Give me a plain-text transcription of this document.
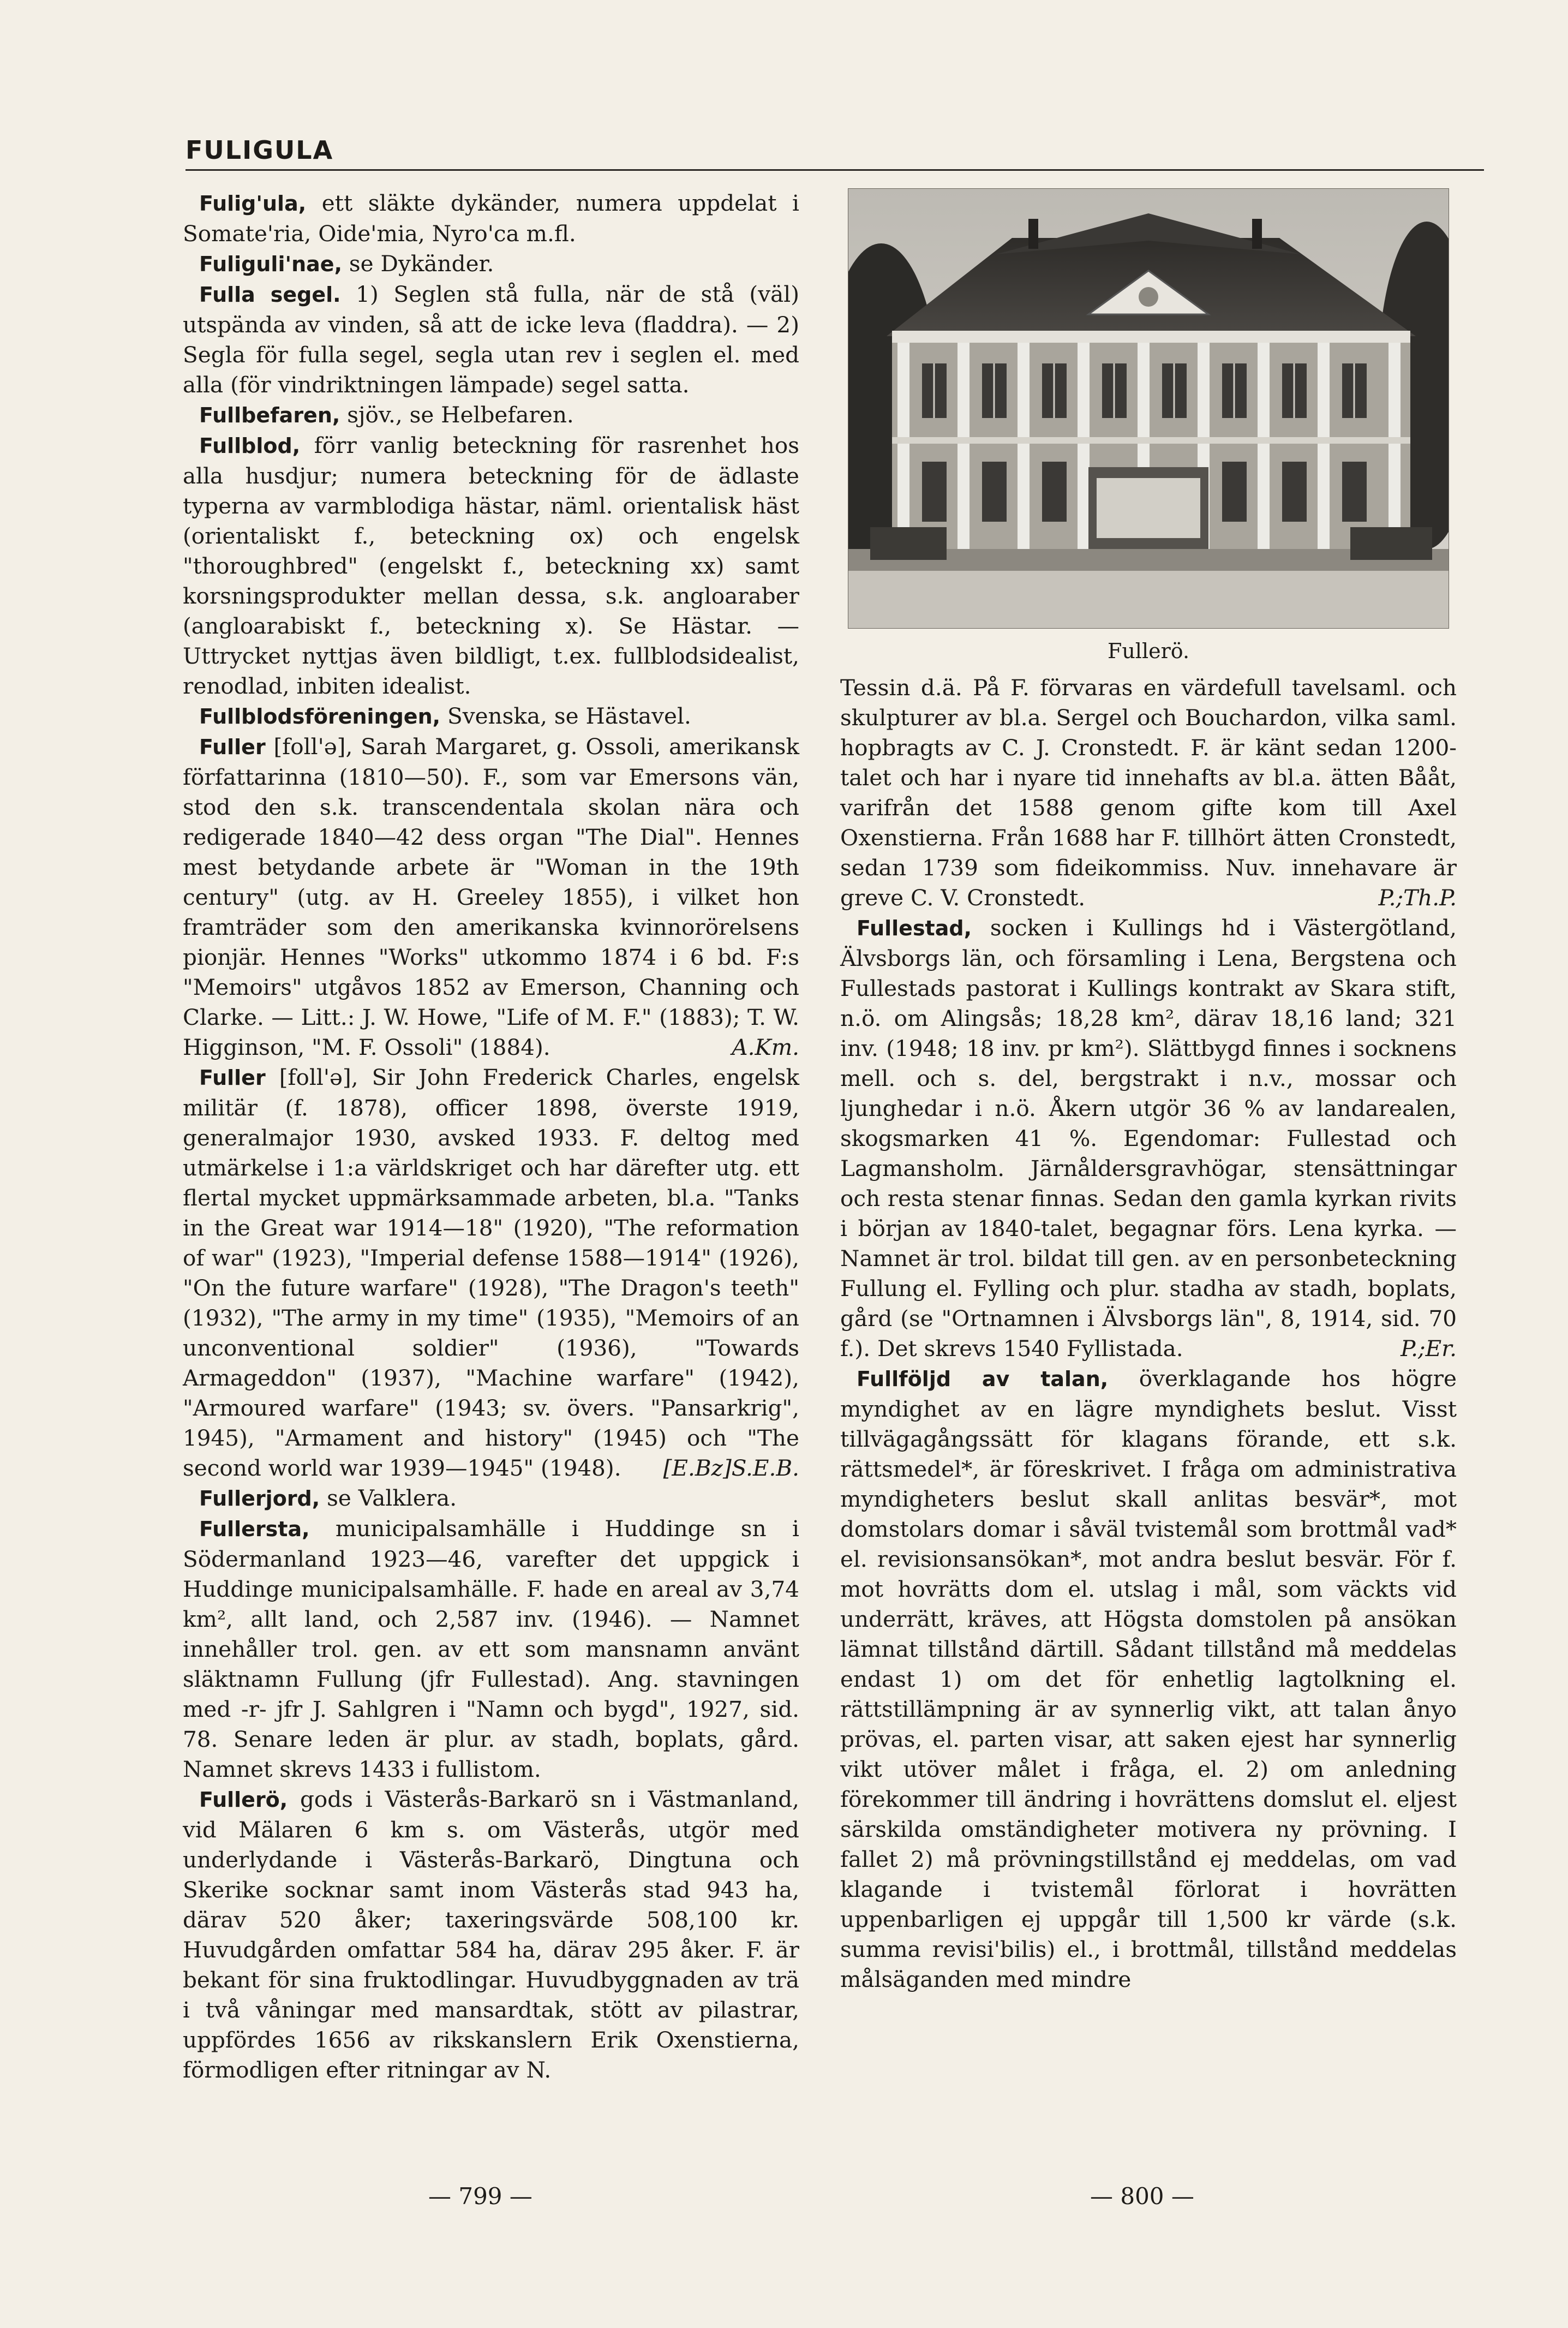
FULIGULA

Fulig'ula, ett släkte dykänder, numera uppdelat i Somate'ria, Oide'mia, Nyro'ca m.fl.

Fuliguli'nae, se Dykänder.

Fulla segel. 1) Seglen stå fulla, när de stå (väl) utspända av vinden, så att de icke leva (fladdra). — 2) Segla för fulla segel, segla utan rev i seglen el. med alla (för vindriktningen lämpade) segel satta.

Fullbefaren, sjöv., se Helbefaren.

Fullblod, förr vanlig beteckning för rasrenhet hos alla husdjur; numera beteckning för de ädlaste typerna av varmblodiga hästar, näml. orientalisk häst (orientaliskt f., beteckning ox) och engelsk "thoroughbred" (engelskt f., beteckning xx) samt korsningsprodukter mellan dessa, s.k. angloaraber (angloarabiskt f., beteckning x). Se Hästar. — Uttrycket nyttjas även bildligt, t.ex. fullblodsidealist, renodlad, inbiten idealist.

Fullblodsföreningen, Svenska, se Hästavel.

Fuller [foll'ə], Sarah Margaret, g. Ossoli, amerikansk författarinna (1810—50). F., som var Emersons vän, stod den s.k. transcendentala skolan nära och redigerade 1840—42 dess organ "The Dial". Hennes mest betydande arbete är "Woman in the 19th century" (utg. av H. Greeley 1855), i vilket hon framträder som den amerikanska kvinnorörelsens pionjär. Hennes "Works" utkommo 1874 i 6 bd. F:s "Memoirs" utgåvos 1852 av Emerson, Channing och Clarke. — Litt.: J. W. Howe, "Life of M. F." (1883); T. W. Higginson, "M. F. Ossoli" (1884).	A.Km.

Fuller [foll'ə], Sir John Frederick Charles, engelsk militär (f. 1878), officer 1898, överste 1919, generalmajor 1930, avsked 1933. F. deltog med utmärkelse i 1:a världskriget och har därefter utg. ett flertal mycket uppmärksammade arbeten, bl.a. "Tanks in the Great war 1914—18" (1920), "The reformation of war" (1923), "Imperial defense 1588—1914" (1926), "On the future warfare" (1928), "The Dragon's teeth" (1932), "The army in my time" (1935), "Memoirs of an unconventional soldier" (1936), "Towards Armageddon" (1937), "Machine warfare" (1942), "Armoured warfare" (1943; sv. övers. "Pansarkrig", 1945), "Armament and history" (1945) och "The second world war 1939—1945" (1948).	[E.Bz]S.E.B.

Fullerjord, se Valklera.

Fullersta, municipalsamhälle i Huddinge sn i Södermanland 1923—46, varefter det uppgick i Huddinge municipalsamhälle. F. hade en areal av 3,74 km², allt land, och 2,587 inv. (1946). — Namnet innehåller trol. gen. av ett som mansnamn använt släktnamn Fullung (jfr Fullestad). Ang. stavningen med -r- jfr J. Sahlgren i "Namn och bygd", 1927, sid. 78. Senare leden är plur. av stadh, boplats, gård. Namnet skrevs 1433 i fullistom.

Fullerö, gods i Västerås-Barkarö sn i Västmanland, vid Mälaren 6 km s. om Västerås, utgör med underlydande i Västerås-Barkarö, Dingtuna och Skerike socknar samt inom Västerås stad 943 ha, därav 520 åker; taxeringsvärde 508,100 kr. Huvudgården omfattar 584 ha, därav 295 åker. F. är bekant för sina fruktodlingar. Huvudbyggnaden av trä i två våningar med mansardtak, stött av pilastrar, uppfördes 1656 av rikskanslern Erik Oxenstierna, förmodligen efter ritningar av N.

Fullerö.

Tessin d.ä. På F. förvaras en värdefull tavelsaml. och skulpturer av bl.a. Sergel och Bouchardon, vilka saml. hopbragts av C. J. Cronstedt. F. är känt sedan 1200-talet och har i nyare tid innehafts av bl.a. ätten Bååt, varifrån det 1588 genom gifte kom till Axel Oxenstierna. Från 1688 har F. tillhört ätten Cronstedt, sedan 1739 som fideikommiss. Nuv. innehavare är greve C. V. Cronstedt.	P.;Th.P.

Fullestad, socken i Kullings hd i Västergötland, Älvsborgs län, och församling i Lena, Bergstena och Fullestads pastorat i Kullings kontrakt av Skara stift, n.ö. om Alingsås; 18,28 km², därav 18,16 land; 321 inv. (1948; 18 inv. pr km²). Slättbygd finnes i socknens mell. och s. del, bergstrakt i n.v., mossar och ljunghedar i n.ö. Åkern utgör 36 % av landarealen, skogsmarken 41 %. Egendomar: Fullestad och Lagmansholm. Järnåldersgravhögar, stensättningar och resta stenar finnas. Sedan den gamla kyrkan rivits i början av 1840-talet, begagnar förs. Lena kyrka. — Namnet är trol. bildat till gen. av en personbeteckning Fullung el. Fylling och plur. stadha av stadh, boplats, gård (se "Ortnamnen i Älvsborgs län", 8, 1914, sid. 70 f.). Det skrevs 1540 Fyllistada.	P.;Er.

Fullföljd av talan, överklagande hos högre myndighet av en lägre myndighets beslut. Visst tillvägagångssätt för klagans förande, ett s.k. rättsmedel*, är föreskrivet. I fråga om administrativa myndigheters beslut skall anlitas besvär*, mot domstolars domar i såväl tvistemål som brottmål vad* el. revisionsansökan*, mot andra beslut besvär. För f. mot hovrätts dom el. utslag i mål, som väckts vid underrätt, kräves, att Högsta domstolen på ansökan lämnat tillstånd därtill. Sådant tillstånd må meddelas endast 1) om det för enhetlig lagtolkning el. rättstillämpning är av synnerlig vikt, att talan ånyo prövas, el. parten visar, att saken ejest har synnerlig vikt utöver målet i fråga, el. 2) om anledning förekommer till ändring i hovrättens domslut el. eljest särskilda omständigheter motivera ny prövning. I fallet 2) må prövningstillstånd ej meddelas, om vad klagande i tvistemål förlorat i hovrätten uppenbarligen ej uppgår till 1,500 kr värde (s.k. summa revisi'bilis) el., i brottmål, tillstånd meddelas målsäganden med mindre

— 799 —	— 800 —
